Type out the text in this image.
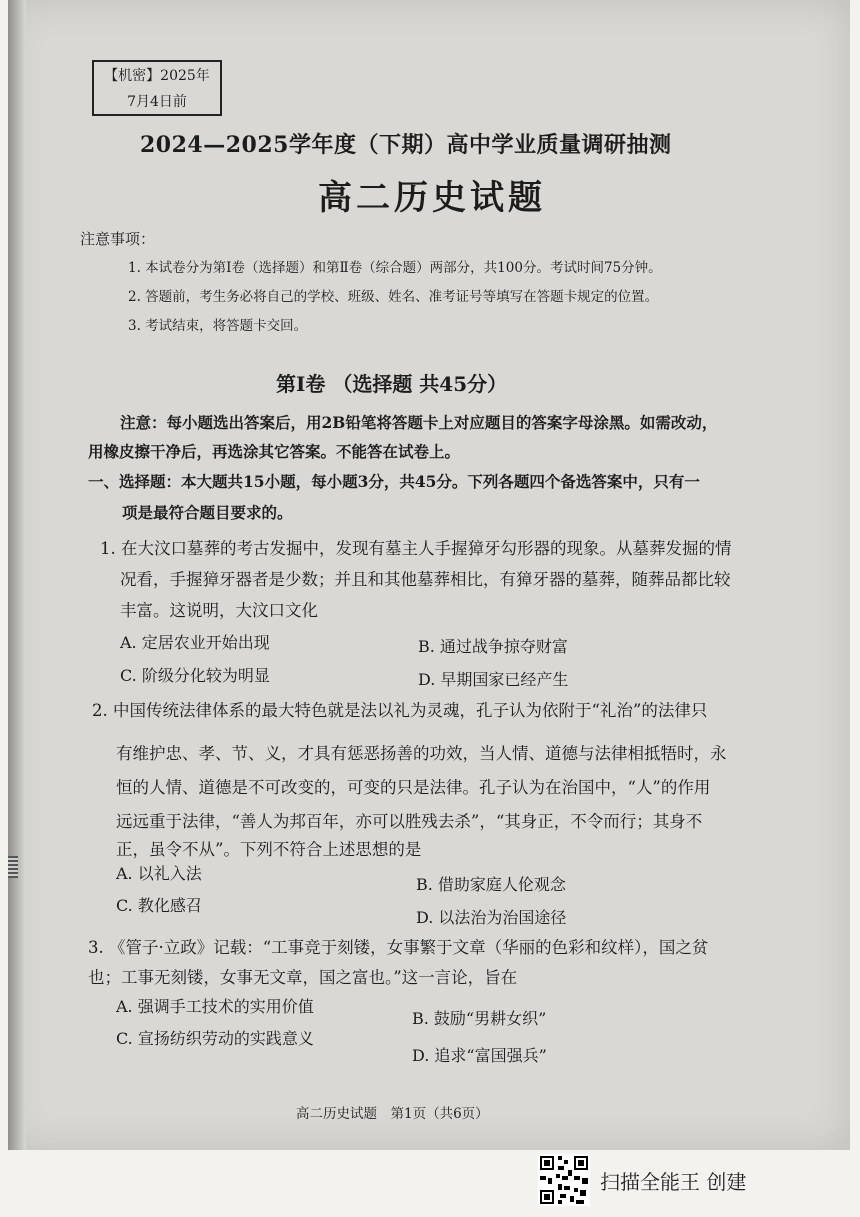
【机密】2025年
7月4日前
2024—2025学年度（下期）高中学业质量调研抽测
高二历史试题
注意事项：
1. 本试卷分为第Ⅰ卷（选择题）和第Ⅱ卷（综合题）两部分，共100分。考试时间75分钟。
2. 答题前，考生务必将自己的学校、班级、姓名、准考证号等填写在答题卡规定的位置。
3. 考试结束，将答题卡交回。
第Ⅰ卷 （选择题 共45分）
注意：每小题选出答案后，用2B铅笔将答题卡上对应题目的答案字母涂黑。如需改动，
用橡皮擦干净后，再选涂其它答案。不能答在试卷上。
一、选择题：本大题共15小题，每小题3分，共45分。下列各题四个备选答案中，只有一
项是最符合题目要求的。
1. 在大汶口墓葬的考古发掘中，发现有墓主人手握獐牙勾形器的现象。从墓葬发掘的情
况看，手握獐牙器者是少数；并且和其他墓葬相比，有獐牙器的墓葬，随葬品都比较
丰富。这说明，大汶口文化
A. 定居农业开始出现	B. 通过战争掠夺财富
C. 阶级分化较为明显	D. 早期国家已经产生
2. 中国传统法律体系的最大特色就是法以礼为灵魂，孔子认为依附于“礼治”的法律只
有维护忠、孝、节、义，才具有惩恶扬善的功效，当人情、道德与法律相抵牾时，永
恒的人情、道德是不可改变的，可变的只是法律。孔子认为在治国中，“人”的作用
远远重于法律，“善人为邦百年，亦可以胜残去杀”，“其身正，不令而行；其身不
正，虽令不从”。下列不符合上述思想的是
A. 以礼入法
B. 借助家庭人伦观念
C. 教化感召
D. 以法治为治国途径
3. 《管子·立政》记载：“工事竞于刻镂，女事繁于文章（华丽的色彩和纹样），国之贫
也；工事无刻镂，女事无文章，国之富也。”这一言论，旨在
A. 强调手工技术的实用价值
B. 鼓励“男耕女织”
C. 宣扬纺织劳动的实践意义
D. 追求“富国强兵”
高二历史试题　第1页（共6页）
扫描全能王 创建
